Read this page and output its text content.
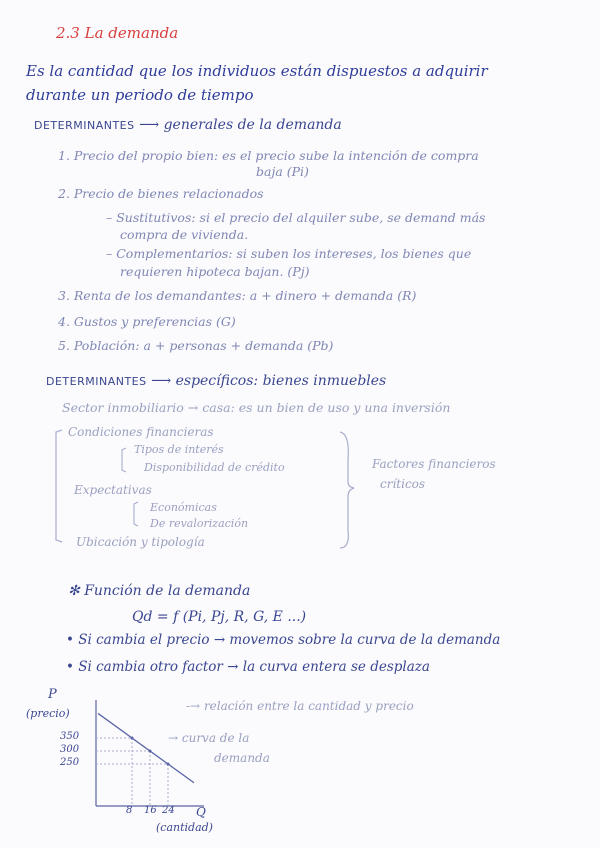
2.3 La demanda
Es la cantidad que los individuos están dispuestos a adquirir
durante un periodo de tiempo
DETERMINANTES ⟶ generales de la demanda
1. Precio del propio bien: es el precio sube la intención de compra
baja (Pi)
2. Precio de bienes relacionados
– Sustitutivos: si el precio del alquiler sube, se demand más
compra de vivienda.
– Complementarios: si suben los intereses, los bienes que
requieren hipoteca bajan. (Pj)
3. Renta de los demandantes: a + dinero + demanda (R)
4. Gustos y preferencias (G)
5. Población: a + personas + demanda (Pb)
DETERMINANTES ⟶ específicos: bienes inmuebles
Sector inmobiliario → casa: es un bien de uso y una inversión
Condiciones financieras
Tipos de interés
Disponibilidad de crédito
Expectativas
Económicas
De revalorización
Ubicación y tipología
Factores financieros
críticos
✻ Función de la demanda
Qd = f (Pi, Pj, R, G, E ...)
• Si cambia el precio → movemos sobre la curva de la demanda
• Si cambia otro factor → la curva entera se desplaza
P
(precio)
350
300
250
8 16 24 Q
(cantidad)
-→ relación entre la cantidad y precio
→ curva de la
demanda
